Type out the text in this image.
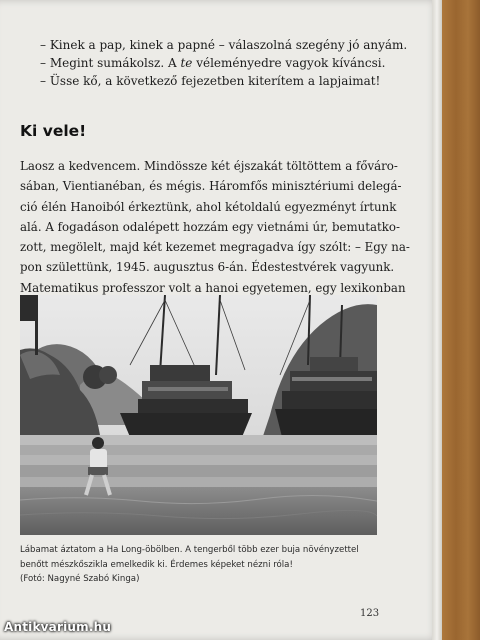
– Kinek a pap, kinek a papné – válaszolná szegény jó anyám.

– Megint sumákolsz. A te véleményedre vagyok kíváncsi.

– Üsse kő, a következő fejezetben kiterítem a lapjaimat!

Ki vele!

Laosz a kedvencem. Mindössze két éjszakát töltöttem a főváro-

sában, Vientianéban, és mégis. Háromfős minisztériumi delegá-

ció élén Hanoiból érkeztünk, ahol kétoldalú egyezményt írtunk

alá. A fogadáson odalépett hozzám egy vietnámi úr, bemutatko-

zott, megölelt, majd két kezemet megragadva így szólt: – Egy na-

pon születtünk, 1945. augusztus 6-án. Édestestvérek vagyunk.

Matematikus professzor volt a hanoi egyetemen, egy lexikonban

Lábamat áztatom a Ha Long-öbölben. A tengerből több ezer buja növényzettel

benőtt mészkőszikla emelkedik ki. Érdemes képeket nézni róla!

(Fotó: Nagyné Szabó Kinga)

123
Antikvarium.hu
